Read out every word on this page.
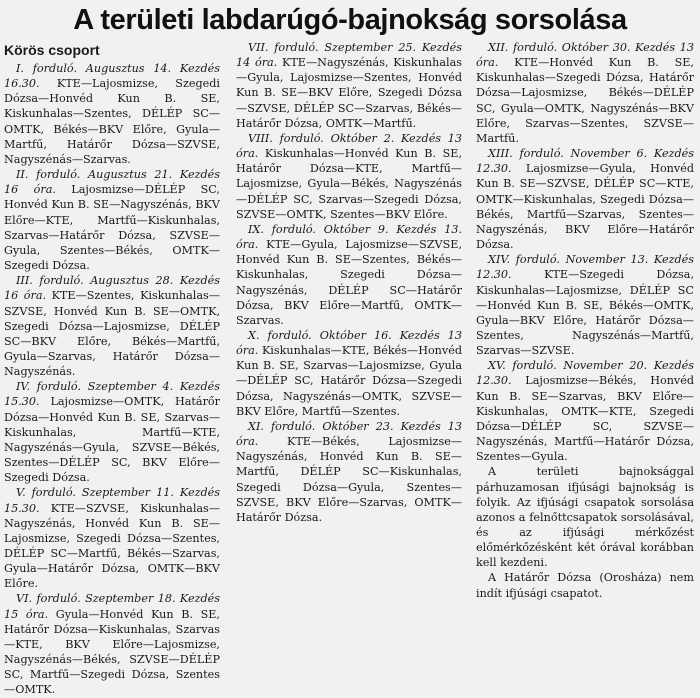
A területi labdarúgó-bajnokság sorsolása
Körös csoport

I. forduló. Augusztus 14. Kezdés 16.30. KTE—Lajosmizse, Szegedi Dózsa—Honvéd Kun B. SE, Kiskunhalas—Szentes, DÉLÉP SC—OMTK, Békés—BKV Előre, Gyula—Martfű, Határőr Dózsa—SZVSE, Nagyszénás—Szarvas.

II. forduló. Augusztus 21. Kezdés 16 óra. Lajosmizse—DÉLÉP SC, Honvéd Kun B. SE—Nagyszénás, BKV Előre—KTE, Martfű—Kiskunhalas, Szarvas—Határőr Dózsa, SZVSE—Gyula, Szentes—Békés, OMTK—Szegedi Dózsa.

III. forduló. Augusztus 28. Kezdés 16 óra. KTE—Szentes, Kiskunhalas—SZVSE, Honvéd Kun B. SE—OMTK, Szegedi Dózsa—Lajosmizse, DÉLÉP SC—BKV Előre, Békés—Martfű, Gyula—Szarvas, Határőr Dózsa—Nagyszénás.

IV. forduló. Szeptember 4. Kezdés 15.30. Lajosmizse—OMTK, Határőr Dózsa—Honvéd Kun B. SE, Szarvas—Kiskunhalas, Martfű—KTE, Nagyszénás—Gyula, SZVSE—Békés, Szentes—DÉLÉP SC, BKV Előre—Szegedi Dózsa.

V. forduló. Szeptember 11. Kezdés 15.30. KTE—SZVSE, Kiskunhalas—Nagyszénás, Honvéd Kun B. SE—Lajosmizse, Szegedi Dózsa—Szentes, DÉLÉP SC—Martfű, Békés—Szarvas, Gyula—Határőr Dózsa, OMTK—BKV Előre.

VI. forduló. Szeptember 18. Kezdés 15 óra. Gyula—Honvéd Kun B. SE, Határőr Dózsa—Kiskunhalas, Szarvas—KTE, BKV Előre—Lajosmizse, Nagyszénás—Békés, SZVSE—DÉLÉP SC, Martfű—Szegedi Dózsa, Szentes—OMTK.

VII. forduló. Szeptember 25. Kezdés 14 óra. KTE—Nagyszénás, Kiskunhalas—Gyula, Lajosmizse—Szentes, Honvéd Kun B. SE—BKV Előre, Szegedi Dózsa—SZVSE, DÉLÉP SC—Szarvas, Békés—Határőr Dózsa, OMTK—Martfű.

VIII. forduló. Október 2. Kezdés 13 óra. Kiskunhalas—Honvéd Kun B. SE, Határőr Dózsa—KTE, Martfű—Lajosmizse, Gyula—Békés, Nagyszénás—DÉLÉP SC, Szarvas—Szegedi Dózsa, SZVSE—OMTK, Szentes—BKV Előre.

IX. forduló. Október 9. Kezdés 13. óra. KTE—Gyula, Lajosmizse—SZVSE, Honvéd Kun B. SE—Szentes, Békés—Kiskunhalas, Szegedi Dózsa—Nagyszénás, DÉLÉP SC—Határőr Dózsa, BKV Előre—Martfű, OMTK—Szarvas.

X. forduló. Október 16. Kezdés 13 óra. Kiskunhalas—KTE, Békés—Honvéd Kun B. SE, Szarvas—Lajosmizse, Gyula—DÉLÉP SC, Határőr Dózsa—Szegedi Dózsa, Nagyszénás—OMTK, SZVSE—BKV Előre, Martfű—Szentes.

XI. forduló. Október 23. Kezdés 13 óra.	KTE—Békés, Lajosmizse—Nagyszénás, Honvéd Kun B. SE—Martfű, DÉLÉP SC—Kiskunhalas, Szegedi Dózsa—Gyula, Szentes—SZVSE, BKV Előre—Szarvas, OMTK—Határőr Dózsa.

XII. forduló. Október 30. Kezdés 13 óra. KTE—Honvéd Kun B. SE, Kiskunhalas—Szegedi Dózsa, Határőr Dózsa—Lajosmizse, Békés—DÉLÉP SC, Gyula—OMTK, Nagyszénás—BKV Előre, Szarvas—Szentes, SZVSE—Martfű.

XIII. forduló. November 6. Kezdés 12.30. Lajosmizse—Gyula, Honvéd Kun B. SE—SZVSE, DÉLÉP SC—KTE, OMTK—Kiskunhalas, Szegedi Dózsa—Békés, Martfű—Szarvas, Szentes—Nagyszénás, BKV Előre—Határőr Dózsa.

XIV. forduló. November 13. Kezdés 12.30.	KTE—Szegedi Dózsa, Kiskunhalas—Lajosmizse, DÉLÉP SC—Honvéd Kun B. SE, Békés—OMTK, Gyula—BKV Előre, Határőr Dózsa—Szentes, Nagyszénás—Martfű, Szarvas—SZVSE.

XV. forduló. November 20. Kezdés 12.30. Lajosmizse—Békés, Honvéd Kun B. SE—Szarvas, BKV Előre—Kiskunhalas, OMTK—KTE, Szegedi Dózsa—DÉLÉP SC, SZVSE—Nagyszénás, Martfű—Határőr Dózsa, Szentes—Gyula.

A területi bajnoksággal párhuzamosan ifjúsági bajnokság is folyik. Az ifjúsági csapatok sorsolása azonos a felnőttcsapatok sorsolásával, és az ifjúsági mérkőzést előmérkőzésként két órával korábban kell kezdeni.

A Határőr Dózsa (Orosháza) nem indít ifjúsági csapatot.
